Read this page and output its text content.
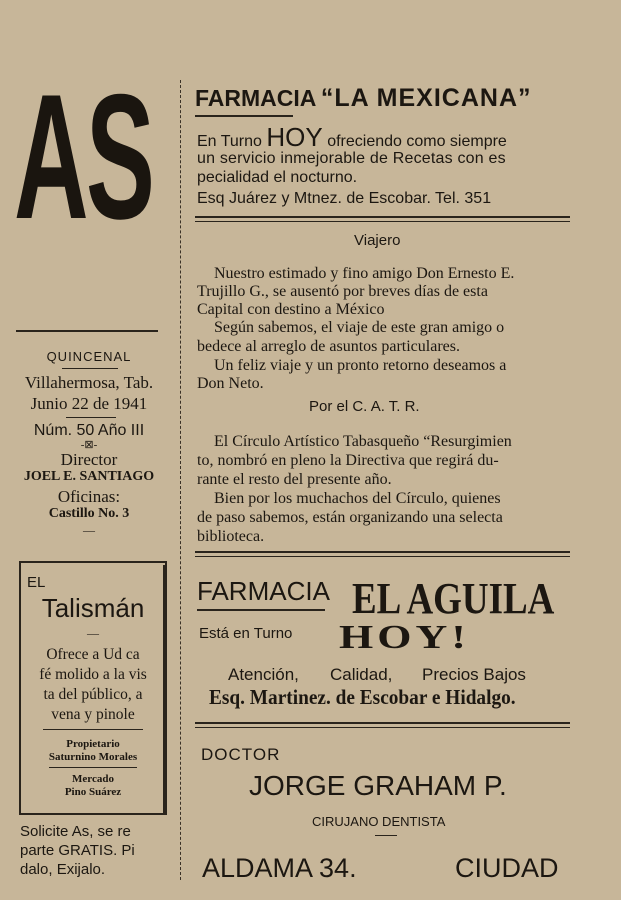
A
S
QUINCENAL
Villahermosa, Tab.
Junio 22 de 1941
Núm. 50 Año III
-⊠-
Director
JOEL E. SANTIAGO
Oficinas:
Castillo No. 3
—
EL
Talismán
—
Ofrece a Ud ca
fé molido a la vis
ta del público, a
vena y pinole
Propietario
Saturnino Morales
Mercado
Pino Suárez
Solicite As, se re
parte GRATIS. Pi
dalo, Exijalo.
FARMACIA “LA MEXICANA”
En Turno HOY ofreciendo como siempre
un servicio inmejorable de Recetas con es
pecialidad el nocturno.
Esq Juárez y Mtnez. de Escobar. Tel. 351
Viajero
Nuestro estimado y fino amigo Don Ernesto E.
Trujillo G., se ausentó por breves días de esta
Capital con destino a México
Según sabemos, el viaje de este gran amigo o
bedece al arreglo de asuntos particulares.
Un feliz viaje y un pronto retorno deseamos a
Don Neto.
Por el C. A. T. R.
El Círculo Artístico Tabasqueño “Resurgimien
to, nombró en pleno la Directiva que regirá du-
rante el resto del presente año.
Bien por los muchachos del Círculo, quienes
de paso sabemos, están organizando una selecta
biblioteca.
FARMACIA EL AGUILA
Está en Turno HOY!
Atención, Calidad, Precios Bajos
Esq. Martinez. de Escobar e Hidalgo.
DOCTOR
JORGE GRAHAM P.
CIRUJANO DENTISTA
ALDAMA 34.	CIUDAD
